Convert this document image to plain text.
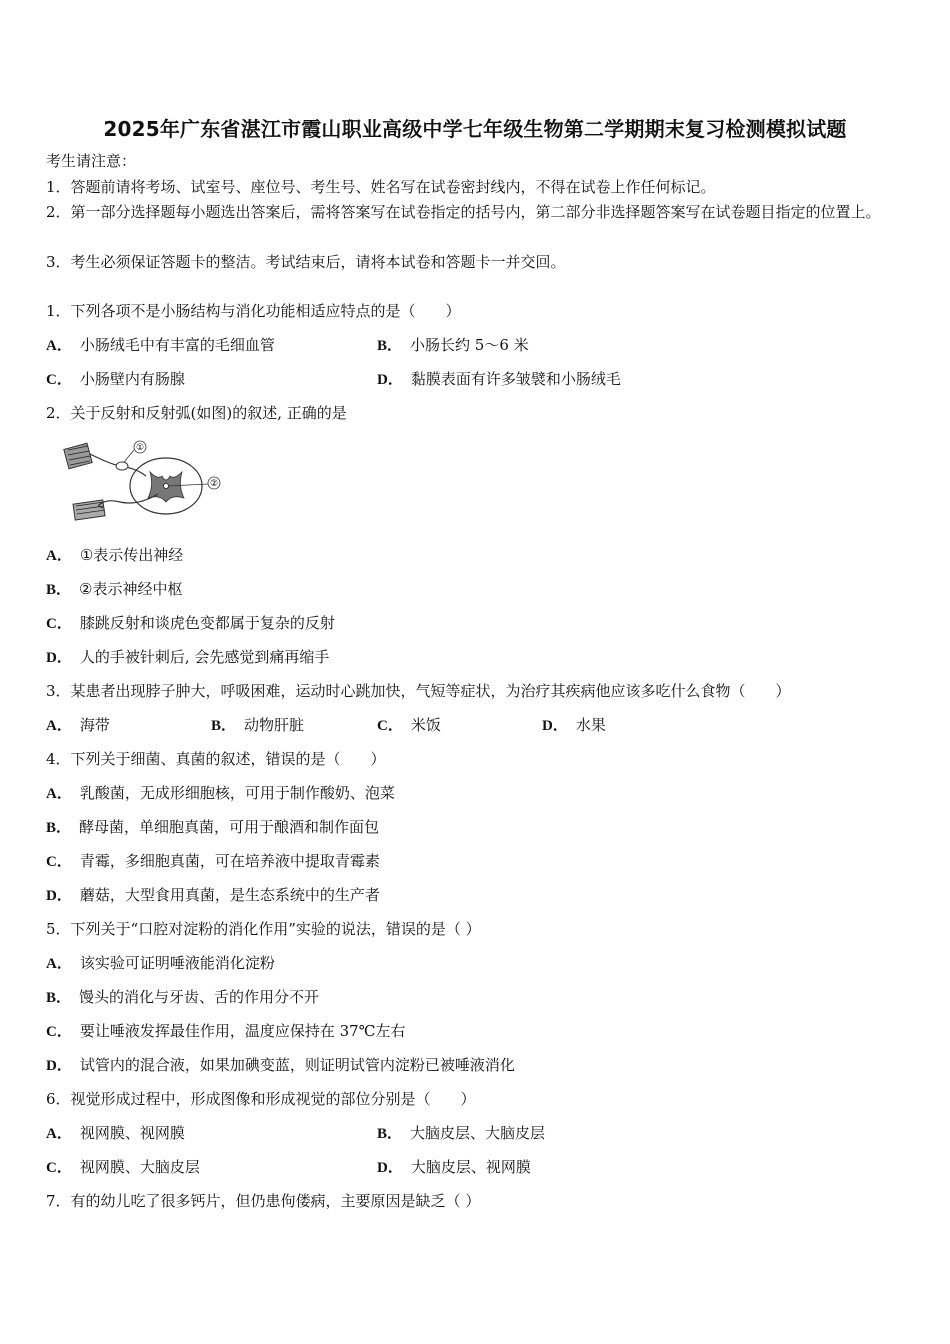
2025年广东省湛江市霞山职业高级中学七年级生物第二学期期末复习检测模拟试题
考生请注意：
1．答题前请将考场、试室号、座位号、考生号、姓名写在试卷密封线内，不得在试卷上作任何标记。
2．第一部分选择题每小题选出答案后，需将答案写在试卷指定的括号内，第二部分非选择题答案写在试卷题目指定的位置上。
3．考生必须保证答题卡的整洁。考试结束后，请将本试卷和答题卡一并交回。
1．下列各项不是小肠结构与消化功能相适应特点的是（　　）
A． 小肠绒毛中有丰富的毛细血管	B． 小肠长约 5～6 米
C． 小肠壁内有肠腺	D． 黏膜表面有许多皱襞和小肠绒毛
2．关于反射和反射弧(如图)的叙述, 正确的是
①
②
A． ①表示传出神经
B． ②表示神经中枢
C． 膝跳反射和谈虎色变都属于复杂的反射
D． 人的手被针刺后, 会先感觉到痛再缩手
3．某患者出现脖子肿大，呼吸困难，运动时心跳加快，气短等症状，为治疗其疾病他应该多吃什么食物（　　）
A． 海带	B． 动物肝脏	C． 米饭	D． 水果
4．下列关于细菌、真菌的叙述，错误的是（　　）
A． 乳酸菌，无成形细胞核，可用于制作酸奶、泡菜
B． 酵母菌，单细胞真菌，可用于酿酒和制作面包
C． 青霉，多细胞真菌，可在培养液中提取青霉素
D． 蘑菇，大型食用真菌，是生态系统中的生产者
5．下列关于“口腔对淀粉的消化作用”实验的说法，错误的是（ ）
A． 该实验可证明唾液能消化淀粉
B． 馒头的消化与牙齿、舌的作用分不开
C． 要让唾液发挥最佳作用，温度应保持在 37℃左右
D． 试管内的混合液，如果加碘变蓝，则证明试管内淀粉已被唾液消化
6．视觉形成过程中，形成图像和形成视觉的部位分别是（　　）
A． 视网膜、视网膜	B． 大脑皮层、大脑皮层
C． 视网膜、大脑皮层	D． 大脑皮层、视网膜
7．有的幼儿吃了很多钙片，但仍患佝偻病，主要原因是缺乏（ ）
